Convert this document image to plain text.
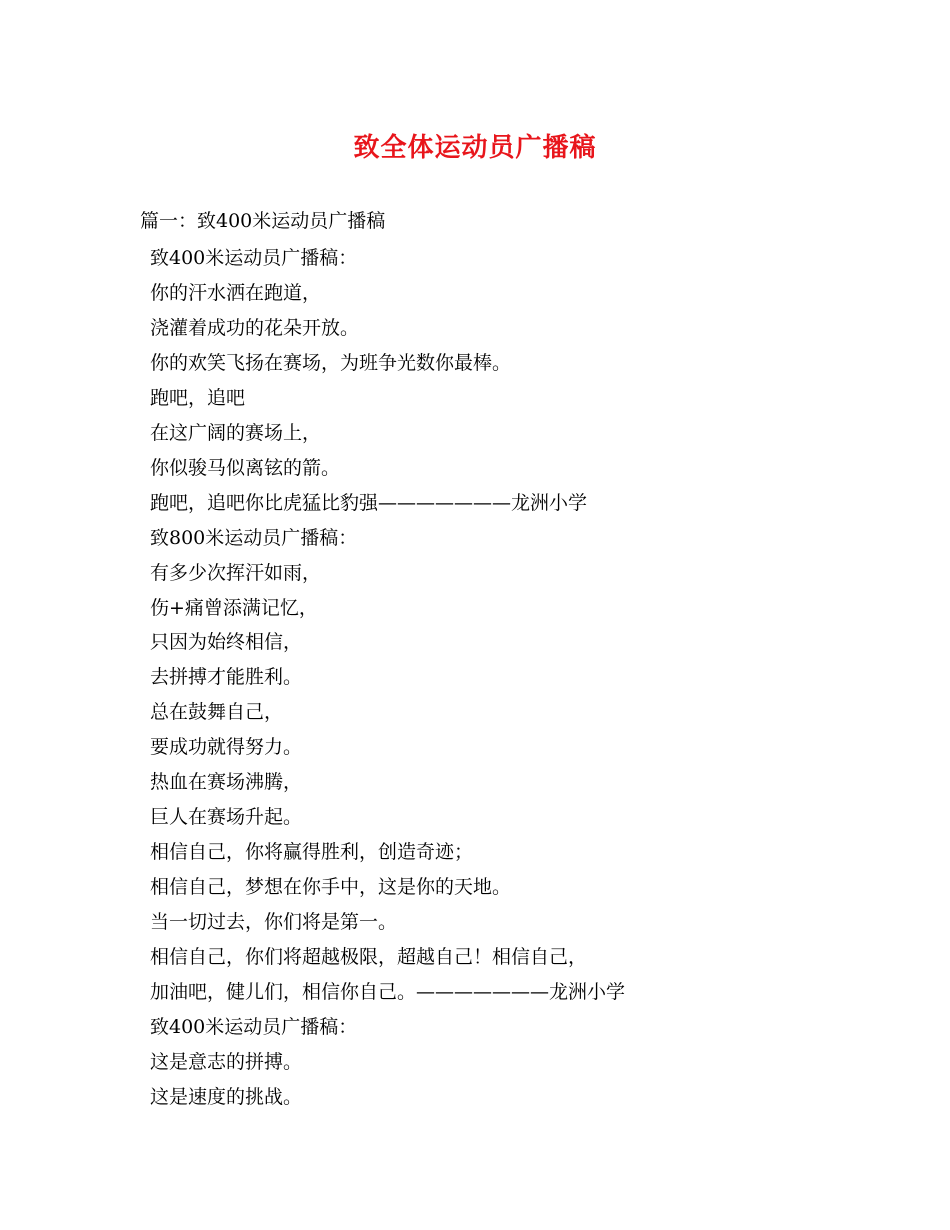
致全体运动员广播稿
篇一：致400米运动员广播稿
致400米运动员广播稿：
你的汗水洒在跑道，
浇灌着成功的花朵开放。
你的欢笑飞扬在赛场，为班争光数你最棒。
跑吧，追吧
在这广阔的赛场上，
你似骏马似离铉的箭。
跑吧，追吧你比虎猛比豹强———————龙洲小学
致800米运动员广播稿：
有多少次挥汗如雨，
伤+痛曾添满记忆，
只因为始终相信，
去拼搏才能胜利。
总在鼓舞自己，
要成功就得努力。
热血在赛场沸腾，
巨人在赛场升起。
相信自己，你将赢得胜利，创造奇迹；
相信自己，梦想在你手中，这是你的天地。
当一切过去，你们将是第一。
相信自己，你们将超越极限，超越自己！相信自己，
加油吧，健儿们，相信你自己。———————龙洲小学
致400米运动员广播稿：
这是意志的拼搏。
这是速度的挑战。
